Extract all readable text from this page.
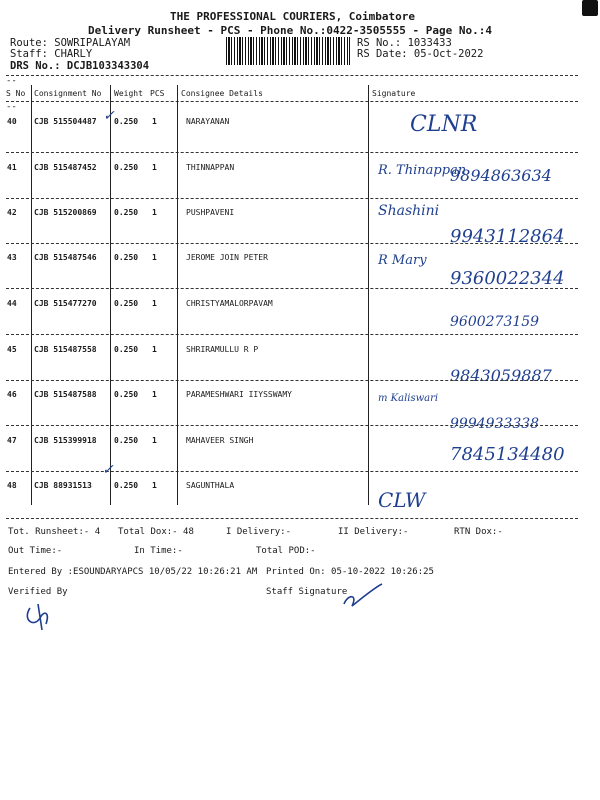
THE PROFESSIONAL COURIERS, Coimbatore
Delivery Runsheet - PCS - Phone No.:0422-3505555 - Page No.:4
Route: SOWRIPALAYAM
Staff: CHARLY
DRS No.: DCJB103343304
RS No.: 1033433
RS Date: 05-Oct-2022
--
S No Consignment No Weight PCS Consignee Details	Signature
--
40 CJB 515504487 0.250 1	NARAYANAN	CLNR
41 CJB 515487452 0.250 1	THINNAPPAN	R. Thinappan
9894863634
42 CJB 515200869 0.250 1	PUSHPAVENI	Shashini
9943112864
43 CJB 515487546 0.250 1	JEROME JOIN PETER	R Mary
9360022344
44 CJB 515477270 0.250 1	CHRISTYAMALORPAVAM
9600273159
45 CJB 515487558 0.250 1	SHRIRAMULLU R P
9843059887
46 CJB 515487588 0.250 1	PARAMESHWARI IIYSSWAMY	m Kaliswari
9994933338
47 CJB 515399918 0.250 1	MAHAVEER SINGH
7845134480
48 CJB 88931513	0.250 1	SAGUNTHALA
CLW
✓
✓
Tot. Runsheet:- 4 Total Dox:- 48	I Delivery:-	II Delivery:-	RTN Dox:-
Out Time:-	In Time:-	Total POD:-
Entered By :ESOUNDARYAPCS 10/05/22 10:26:21 AM Printed On: 05-10-2022 10:26:25
Verified By	Staff Signature
